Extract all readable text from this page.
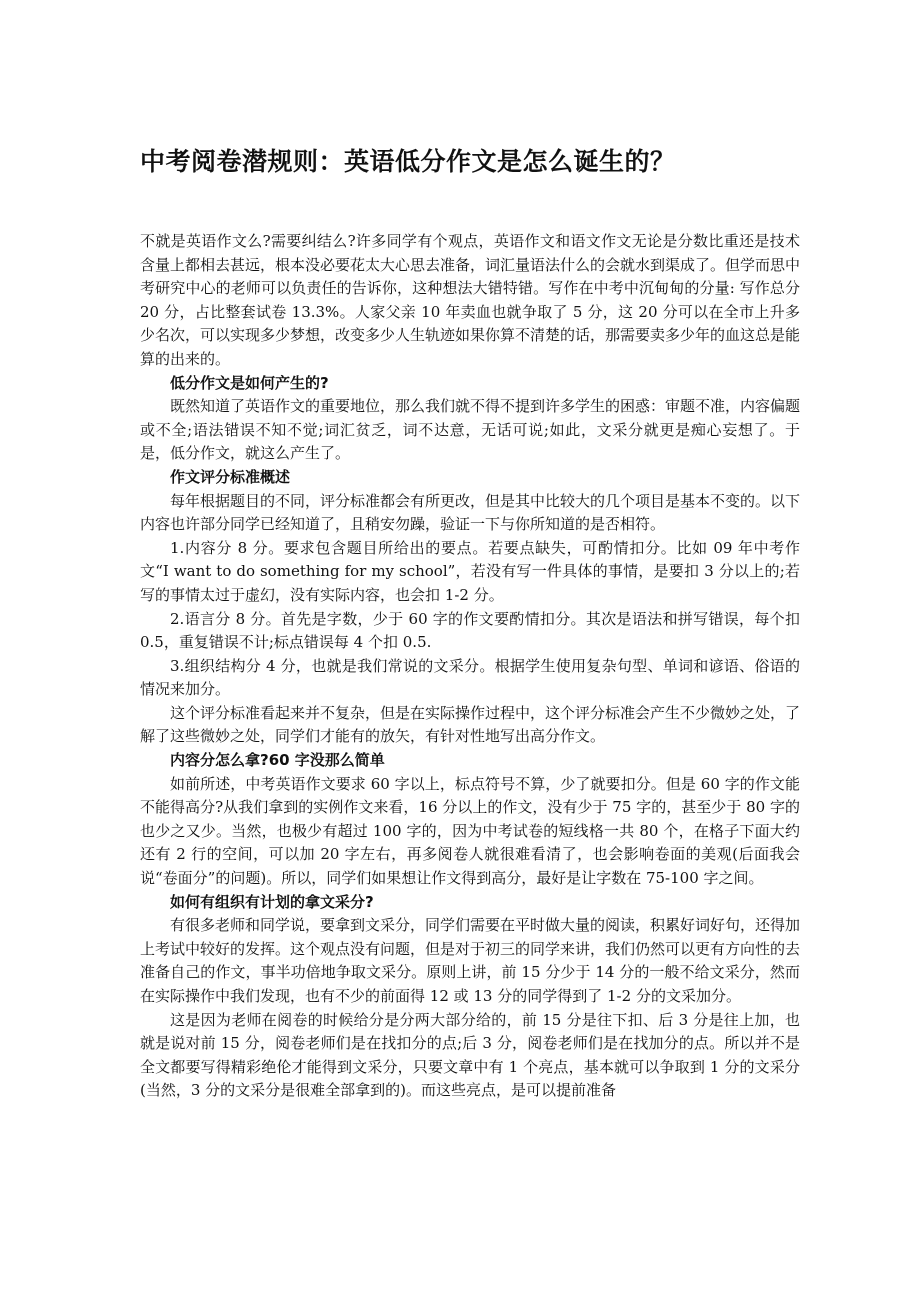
中考阅卷潜规则：英语低分作文是怎么诞生的？

不就是英语作文么?需要纠结么?许多同学有个观点，英语作文和语文作文无论是分数比重还是技术含量上都相去甚远，根本没必要花太大心思去准备，词汇量语法什么的会就水到渠成了。但学而思中考研究中心的老师可以负责任的告诉你，这种想法大错特错。写作在中考中沉甸甸的分量: 写作总分 20 分，占比整套试卷 13.3%。人家父亲 10 年卖血也就争取了 5 分，这 20 分可以在全市上升多少名次，可以实现多少梦想，改变多少人生轨迹如果你算不清楚的话，那需要卖多少年的血这总是能算的出来的。

低分作文是如何产生的?

既然知道了英语作文的重要地位，那么我们就不得不提到许多学生的困惑：审题不准，内容偏题或不全;语法错误不知不觉;词汇贫乏，词不达意，无话可说;如此，文采分就更是痴心妄想了。于是，低分作文，就这么产生了。

作文评分标准概述

每年根据题目的不同，评分标准都会有所更改，但是其中比较大的几个项目是基本不变的。以下内容也许部分同学已经知道了，且稍安勿躁，验证一下与你所知道的是否相符。

1.内容分 8 分。要求包含题目所给出的要点。若要点缺失，可酌情扣分。比如 09 年中考作文“I want to do something for my school”，若没有写一件具体的事情，是要扣 3 分以上的;若写的事情太过于虚幻，没有实际内容，也会扣 1-2 分。

2.语言分 8 分。首先是字数，少于 60 字的作文要酌情扣分。其次是语法和拼写错误，每个扣 0.5，重复错误不计;标点错误每 4 个扣 0.5.

3.组织结构分 4 分，也就是我们常说的文采分。根据学生使用复杂句型、单词和谚语、俗语的情况来加分。

这个评分标准看起来并不复杂，但是在实际操作过程中，这个评分标准会产生不少微妙之处，了解了这些微妙之处，同学们才能有的放矢，有针对性地写出高分作文。

内容分怎么拿?60 字没那么简单

如前所述，中考英语作文要求 60 字以上，标点符号不算，少了就要扣分。但是 60 字的作文能不能得高分?从我们拿到的实例作文来看，16 分以上的作文，没有少于 75 字的，甚至少于 80 字的也少之又少。当然，也极少有超过 100 字的，因为中考试卷的短线格一共 80 个，在格子下面大约还有 2 行的空间，可以加 20 字左右，再多阅卷人就很难看清了，也会影响卷面的美观(后面我会说“卷面分”的问题)。所以，同学们如果想让作文得到高分，最好是让字数在 75-100 字之间。

如何有组织有计划的拿文采分?

有很多老师和同学说，要拿到文采分，同学们需要在平时做大量的阅读，积累好词好句，还得加上考试中较好的发挥。这个观点没有问题，但是对于初三的同学来讲，我们仍然可以更有方向性的去准备自己的作文，事半功倍地争取文采分。原则上讲，前 15 分少于 14 分的一般不给文采分，然而在实际操作中我们发现，也有不少的前面得 12 或 13 分的同学得到了 1-2 分的文采加分。

这是因为老师在阅卷的时候给分是分两大部分给的，前 15 分是往下扣、后 3 分是往上加，也就是说对前 15 分，阅卷老师们是在找扣分的点;后 3 分，阅卷老师们是在找加分的点。所以并不是全文都要写得精彩绝伦才能得到文采分，只要文章中有 1 个亮点，基本就可以争取到 1 分的文采分(当然，3 分的文采分是很难全部拿到的)。而这些亮点，是可以提前准备
